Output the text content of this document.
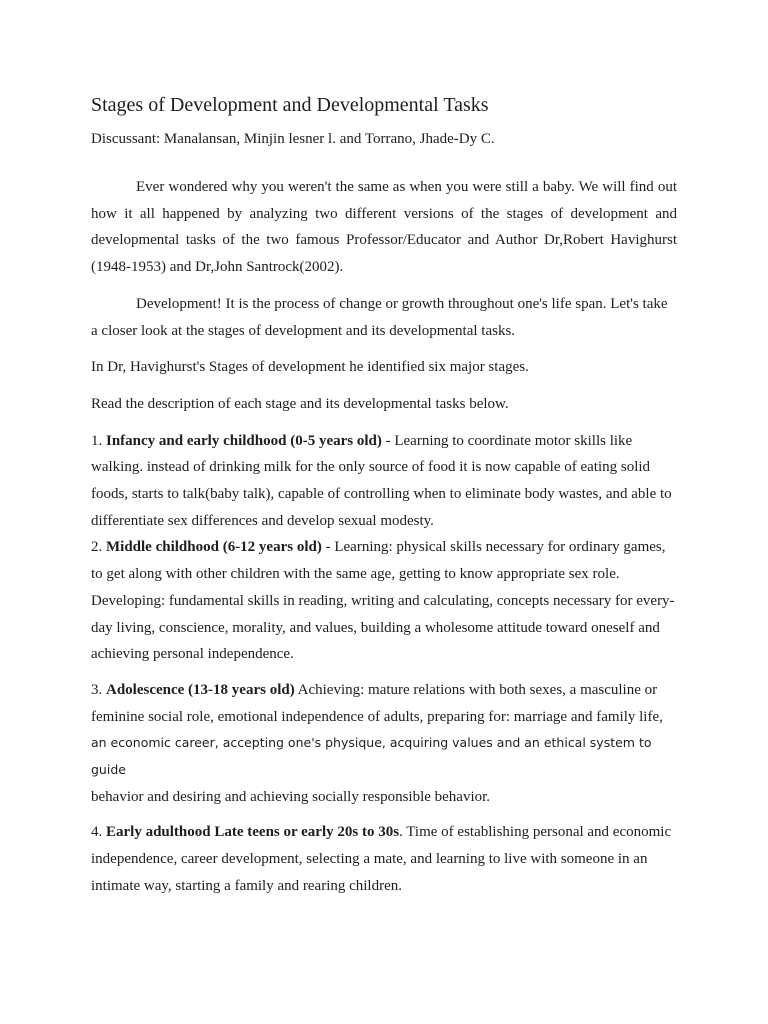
Stages of Development and Developmental Tasks

Discussant: Manalansan, Minjin lesner l. and Torrano, Jhade-Dy C.

Ever wondered why you weren't the same as when you were still a baby. We will find out how it all happened by analyzing two different versions of the stages of development and developmental tasks of the two famous Professor/Educator and Author Dr,Robert Havighurst (1948-1953) and Dr,John Santrock(2002).

Development! It is the process of change or growth throughout one's life span. Let's take a closer look at the stages of development and its developmental tasks.

In Dr, Havighurst's Stages of development he identified six major stages.

Read the description of each stage and its developmental tasks below.

1. Infancy and early childhood (0-5 years old) - Learning to coordinate motor skills like walking. instead of drinking milk for the only source of food it is now capable of eating solid foods, starts to talk(baby talk), capable of controlling when to eliminate body wastes, and able to differentiate sex differences and develop sexual modesty.

2. Middle childhood (6-12 years old) - Learning: physical skills necessary for ordinary games, to get along with other children with the same age, getting to know appropriate sex role. Developing: fundamental skills in reading, writing and calculating, concepts necessary for every-day living, conscience, morality, and values, building a wholesome attitude toward oneself and achieving personal independence.

3. Adolescence (13-18 years old) Achieving: mature relations with both sexes, a masculine or feminine social role, emotional independence of adults, preparing for: marriage and family life,
an economic career, accepting one's physique, acquiring values and an ethical system to guide
behavior and desiring and achieving socially responsible behavior.

4. Early adulthood Late teens or early 20s to 30s. Time of establishing personal and economic independence, career development, selecting a mate, and learning to live with someone in an intimate way, starting a family and rearing children.
